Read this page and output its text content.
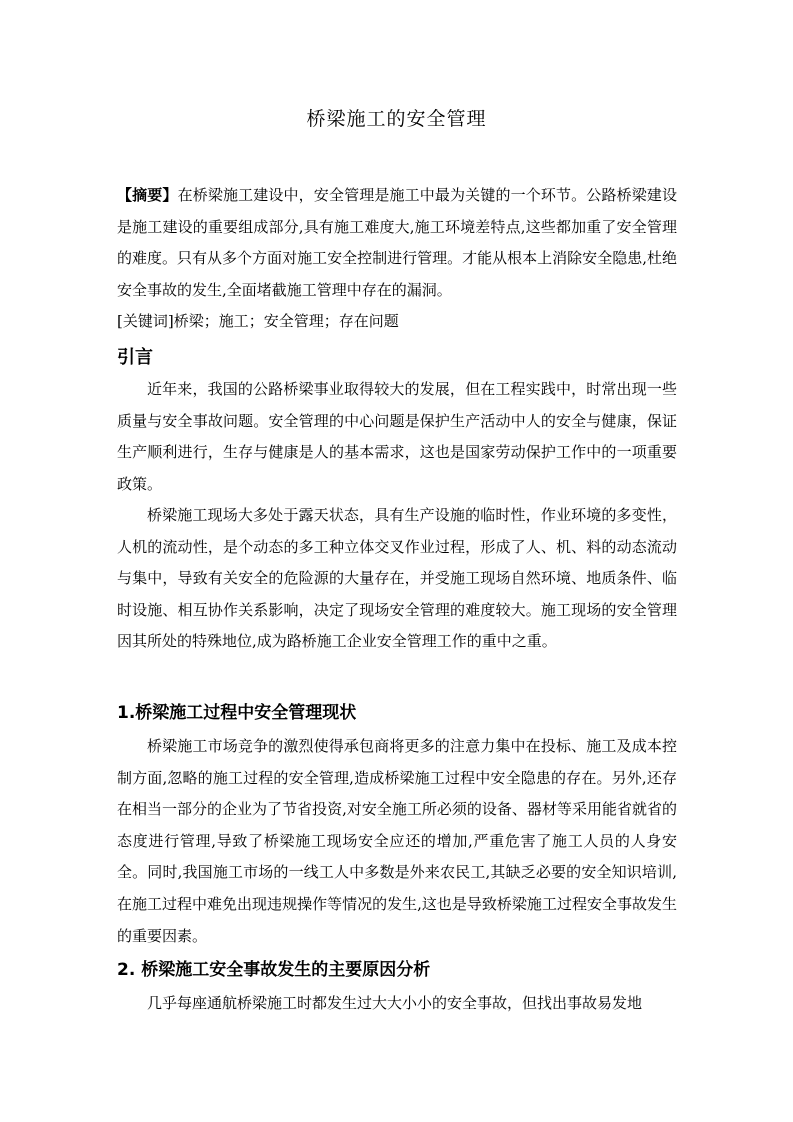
桥梁施工的安全管理

【摘要】在桥梁施工建设中，安全管理是施工中最为关键的一个环节。公路桥梁建设是施工建设的重要组成部分,具有施工难度大,施工环境差特点,这些都加重了安全管理的难度。只有从多个方面对施工安全控制进行管理。才能从根本上消除安全隐患,杜绝安全事故的发生,全面堵截施工管理中存在的漏洞。

[关键词]桥梁；施工；安全管理；存在问题

引言

近年来，我国的公路桥梁事业取得较大的发展，但在工程实践中，时常出现一些质量与安全事故问题。安全管理的中心问题是保护生产活动中人的安全与健康，保证生产顺利进行，生存与健康是人的基本需求，这也是国家劳动保护工作中的一项重要政策。

桥梁施工现场大多处于露天状态，具有生产设施的临时性，作业环境的多变性，人机的流动性，是个动态的多工种立体交叉作业过程，形成了人、机、料的动态流动与集中，导致有关安全的危险源的大量存在，并受施工现场自然环境、地质条件、临时设施、相互协作关系影响，决定了现场安全管理的难度较大。施工现场的安全管理因其所处的特殊地位,成为路桥施工企业安全管理工作的重中之重。

1.桥梁施工过程中安全管理现状

桥梁施工市场竞争的激烈使得承包商将更多的注意力集中在投标、施工及成本控制方面,忽略的施工过程的安全管理,造成桥梁施工过程中安全隐患的存在。另外,还存在相当一部分的企业为了节省投资,对安全施工所必须的设备、器材等采用能省就省的态度进行管理,导致了桥梁施工现场安全应还的增加,严重危害了施工人员的人身安全。同时,我国施工市场的一线工人中多数是外来农民工,其缺乏必要的安全知识培训,在施工过程中难免出现违规操作等情况的发生,这也是导致桥梁施工过程安全事故发生的重要因素。

2. 桥梁施工安全事故发生的主要原因分析

几乎每座通航桥梁施工时都发生过大大小小的安全事故，但找出事故易发地
